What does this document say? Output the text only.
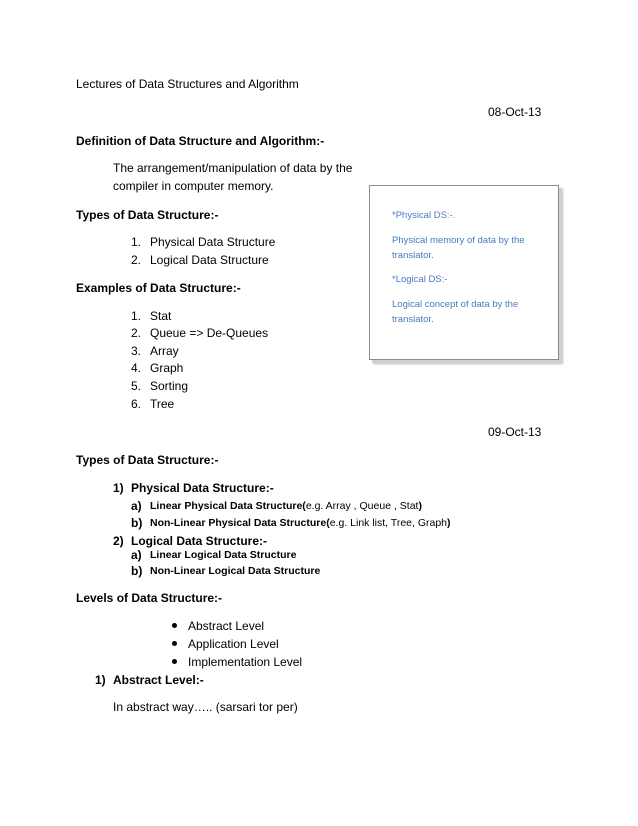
Lectures of Data Structures and Algorithm
08-Oct-13
Definition of Data Structure and Algorithm:-
The arrangement/manipulation of data by the
compiler in computer memory.
Types of Data Structure:-
1. Physical Data Structure
2. Logical Data Structure
Examples of Data Structure:-
1. Stat
2. Queue => De-Queues
3. Array
4. Graph
5. Sorting
6. Tree
*Physical DS:-.
Physical memory of data by the
translator.
*Logical DS:-
Logical concept of data by the
translator.
09-Oct-13
Types of Data Structure:-
1) Physical Data Structure:-
a) Linear Physical Data Structure(e.g. Array , Queue , Stat)
b) Non-Linear Physical Data Structure(e.g. Link list, Tree, Graph)
2) Logical Data Structure:-
a) Linear Logical Data Structure
b) Non-Linear Logical Data Structure
Levels of Data Structure:-
Abstract Level
Application Level
Implementation Level
1) Abstract Level:-
In abstract way….. (sarsari tor per)
